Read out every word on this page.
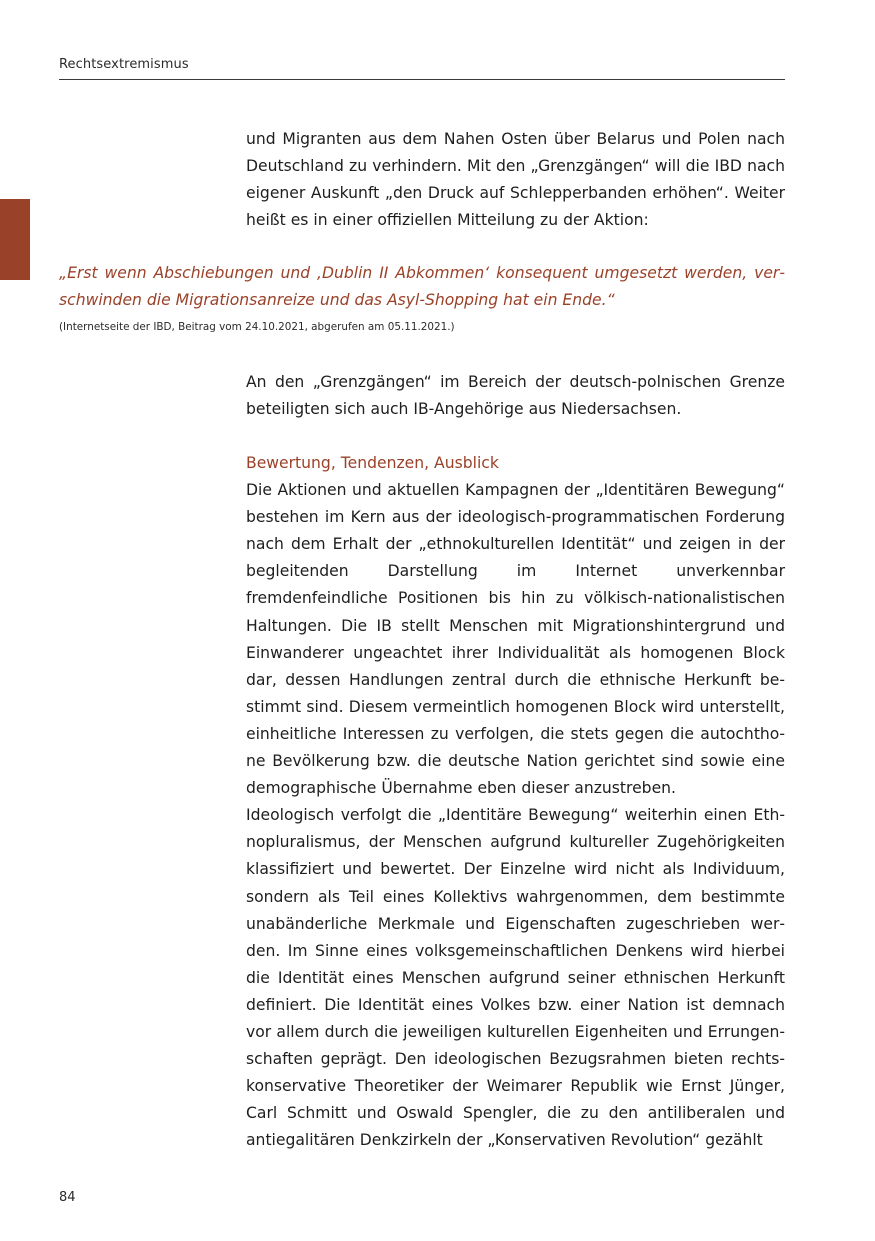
Rechtsextremismus

und Migranten aus dem Nahen Osten über Belarus und Polen nach Deutschland zu verhindern. Mit den „Grenzgängen“ will die IBD nach eigener Auskunft „den Druck auf Schlepperbanden erhöhen“. Weiter heißt es in einer offiziellen Mitteilung zu der Aktion:

„Erst wenn Abschiebungen und ‚Dublin II Abkommen‘ konsequent umgesetzt werden, verschwinden die Migrationsanreize und das Asyl-Shopping hat ein Ende.“

(Internetseite der IBD, Beitrag vom 24.10.2021, abgerufen am 05.11.2021.)

An den „Grenzgängen“ im Bereich der deutsch-polnischen Grenze beteiligten sich auch IB-Angehörige aus Niedersachsen.

Bewertung, Tendenzen, Ausblick

Die Aktionen und aktuellen Kampagnen der „Identitären Bewegung“ bestehen im Kern aus der ideologisch-programmatischen Forderung nach dem Erhalt der „ethnokulturellen Identität“ und zeigen in der begleitenden Darstellung im Internet unverkennbar fremdenfeindliche Positionen bis hin zu völkisch-nationalistischen Haltungen. Die IB stellt Menschen mit Migrationshintergrund und Einwanderer ungeachtet ihrer Individualität als homogenen Block dar, dessen Handlungen zentral durch die ethnische Herkunft bestimmt sind. Diesem vermeintlich homogenen Block wird unterstellt, einheitliche Interessen zu verfolgen, die stets gegen die autochthone Bevölkerung bzw. die deutsche Nation gerichtet sind sowie eine demographische Übernahme eben dieser anzustreben.

Ideologisch verfolgt die „Identitäre Bewegung“ weiterhin einen Ethnopluralismus, der Menschen aufgrund kultureller Zugehörigkeiten klassifiziert und bewertet. Der Einzelne wird nicht als Individuum, sondern als Teil eines Kollektivs wahrgenommen, dem bestimmte unabänderliche Merkmale und Eigenschaften zugeschrieben werden. Im Sinne eines volksgemeinschaftlichen Denkens wird hierbei die Identität eines Menschen aufgrund seiner ethnischen Herkunft definiert. Die Identität eines Volkes bzw. einer Nation ist demnach vor allem durch die jeweiligen kulturellen Eigenheiten und Errungenschaften geprägt. Den ideologischen Bezugsrahmen bieten rechtskonservative Theoretiker der Weimarer Republik wie Ernst Jünger, Carl Schmitt und Oswald Spengler, die zu den antiliberalen und antiegalitären Denkzirkeln der „Konservativen Revolution“ gezählt

84
